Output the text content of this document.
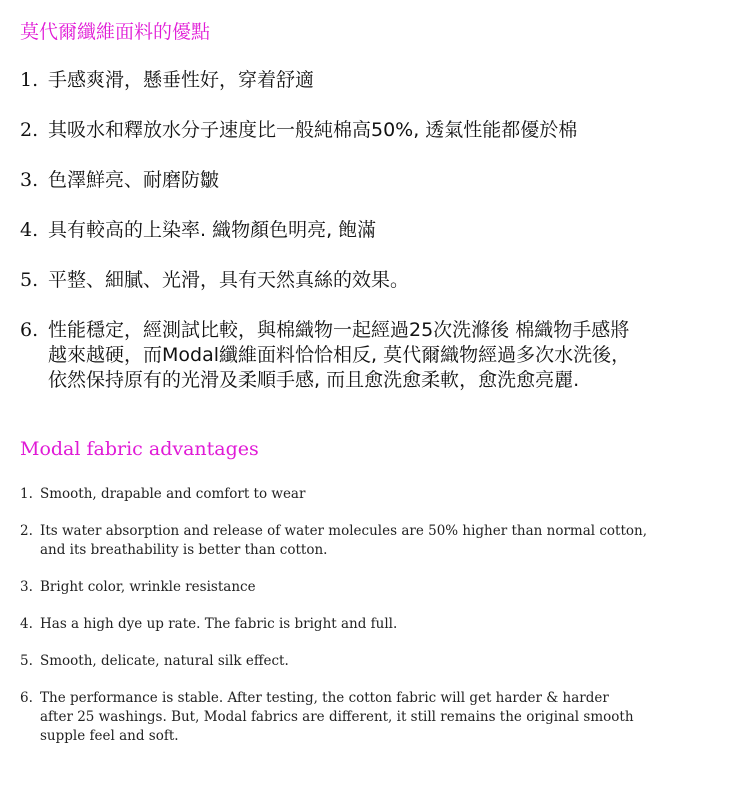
莫代爾纖維面料的優點
1. 手感爽滑，懸垂性好，穿着舒適
2. 其吸水和釋放水分子速度比一般純棉高50%, 透氣性能都優於棉
3. 色澤鮮亮、耐磨防皺
4. 具有較高的上染率. 織物顏色明亮, 飽滿
5. 平整、細膩、光滑，具有天然真絲的效果。
6. 性能穩定，經測試比較，與棉織物一起經過25次洗滌後 棉織物手感將
越來越硬，而Modal纖維面料恰恰相反, 莫代爾織物經過多次水洗後，
依然保持原有的光滑及柔順手感, 而且愈洗愈柔軟，愈洗愈亮麗.
Modal fabric advantages
1. Smooth, drapable and comfort to wear
2. Its water absorption and release of water molecules are 50% higher than normal cotton,
and its breathability is better than cotton.
3. Bright color, wrinkle resistance
4. Has a high dye up rate. The fabric is bright and full.
5. Smooth, delicate, natural silk effect.
6. The performance is stable. After testing, the cotton fabric will get harder & harder
after 25 washings. But, Modal fabrics are different, it still remains the original smooth
supple feel and soft.
